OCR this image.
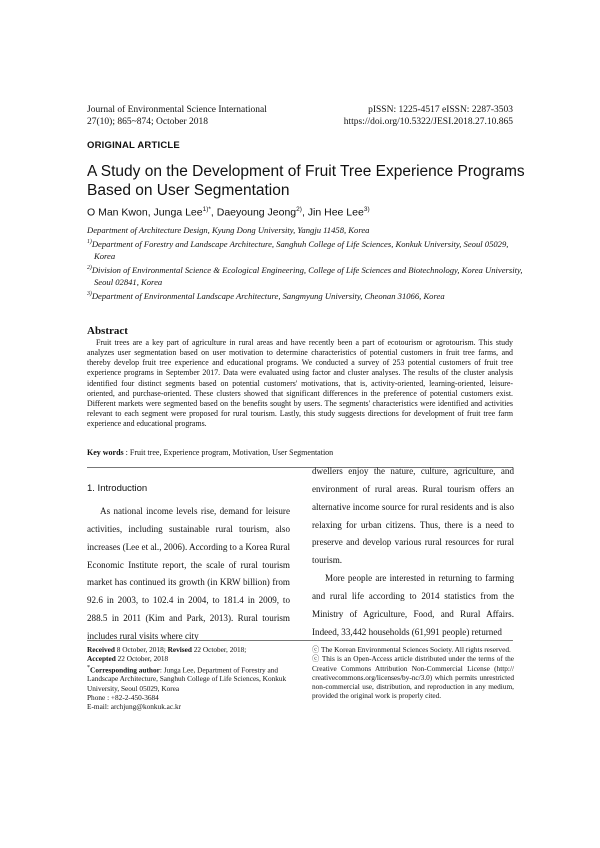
Journal of Environmental Science International
27(10); 865~874; October 2018
pISSN: 1225-4517 eISSN: 2287-3503
https://doi.org/10.5322/JESI.2018.27.10.865
ORIGINAL ARTICLE
A Study on the Development of Fruit Tree Experience Programs
Based on User Segmentation
O Man Kwon, Junga Lee$^{1)*}$, Daeyoung Jeong$^{2)}$, Jin Hee Lee$^{3)}$
Department of Architecture Design, Kyung Dong University, Yangju 11458, Korea
$^{1)}$Department of Forestry and Landscape Architecture, Sanghuh College of Life Sciences, Konkuk University, Seoul 05029, Korea
$^{2)}$Division of Environmental Science & Ecological Engineering, College of Life Sciences and Biotechnology, Korea University, Seoul 02841, Korea
$^{3)}$Department of Environmental Landscape Architecture, Sangmyung University, Cheonan 31066, Korea
Abstract
Fruit trees are a key part of agriculture in rural areas and have recently been a part of ecotourism or agrotourism. This study analyzes user segmentation based on user motivation to determine characteristics of potential customers in fruit tree farms, and thereby develop fruit tree experience and educational programs. We conducted a survey of 253 potential customers of fruit tree experience programs in September 2017. Data were evaluated using factor and cluster analyses. The results of the cluster analysis identified four distinct segments based on potential customers' motivations, that is, activity-oriented, learning-oriented, leisure-oriented, and purchase-oriented. These clusters showed that significant differences in the preference of potential customers exist. Different markets were segmented based on the benefits sought by users. The segments' characteristics were identified and activities relevant to each segment were proposed for rural tourism. Lastly, this study suggests directions for development of fruit tree farm experience and educational programs.
Key words : Fruit tree, Experience program, Motivation, User Segmentation
1. Introduction

As national income levels rise, demand for leisure activities, including sustainable rural tourism, also increases (Lee et al., 2006). According to a Korea Rural Economic Institute report, the scale of rural tourism market has continued its growth (in KRW billion) from 92.6 in 2003, to 102.4 in 2004, to 181.4 in 2009, to 288.5 in 2011 (Kim and Park, 2013). Rural tourism includes rural visits where city

dwellers enjoy the nature, culture, agriculture, and environment of rural areas. Rural tourism offers an alternative income source for rural residents and is also relaxing for urban citizens. Thus, there is a need to preserve and develop various rural resources for rural tourism.

More people are interested in returning to farming and rural life according to 2014 statistics from the Ministry of Agriculture, Food, and Rural Affairs. Indeed, 33,442 households (61,991 people) returned

Received 8 October, 2018; Revised 22 October, 2018;
Accepted 22 October, 2018
*Corresponding author: Junga Lee, Department of Forestry and Landscape Architecture, Sanghuh College of Life Sciences, Konkuk University, Seoul 05029, Korea
Phone : +82-2-450-3684
E-mail: archjung@konkuk.ac.kr
ⓒ The Korean Environmental Sciences Society. All rights reserved.
ⓒ This is an Open-Access article distributed under the terms of the Creative Commons Attribution Non-Commercial License (http:// creativecommons.org/licenses/by-nc/3.0) which permits unrestricted non-commercial use, distribution, and reproduction in any medium, provided the original work is properly cited.
